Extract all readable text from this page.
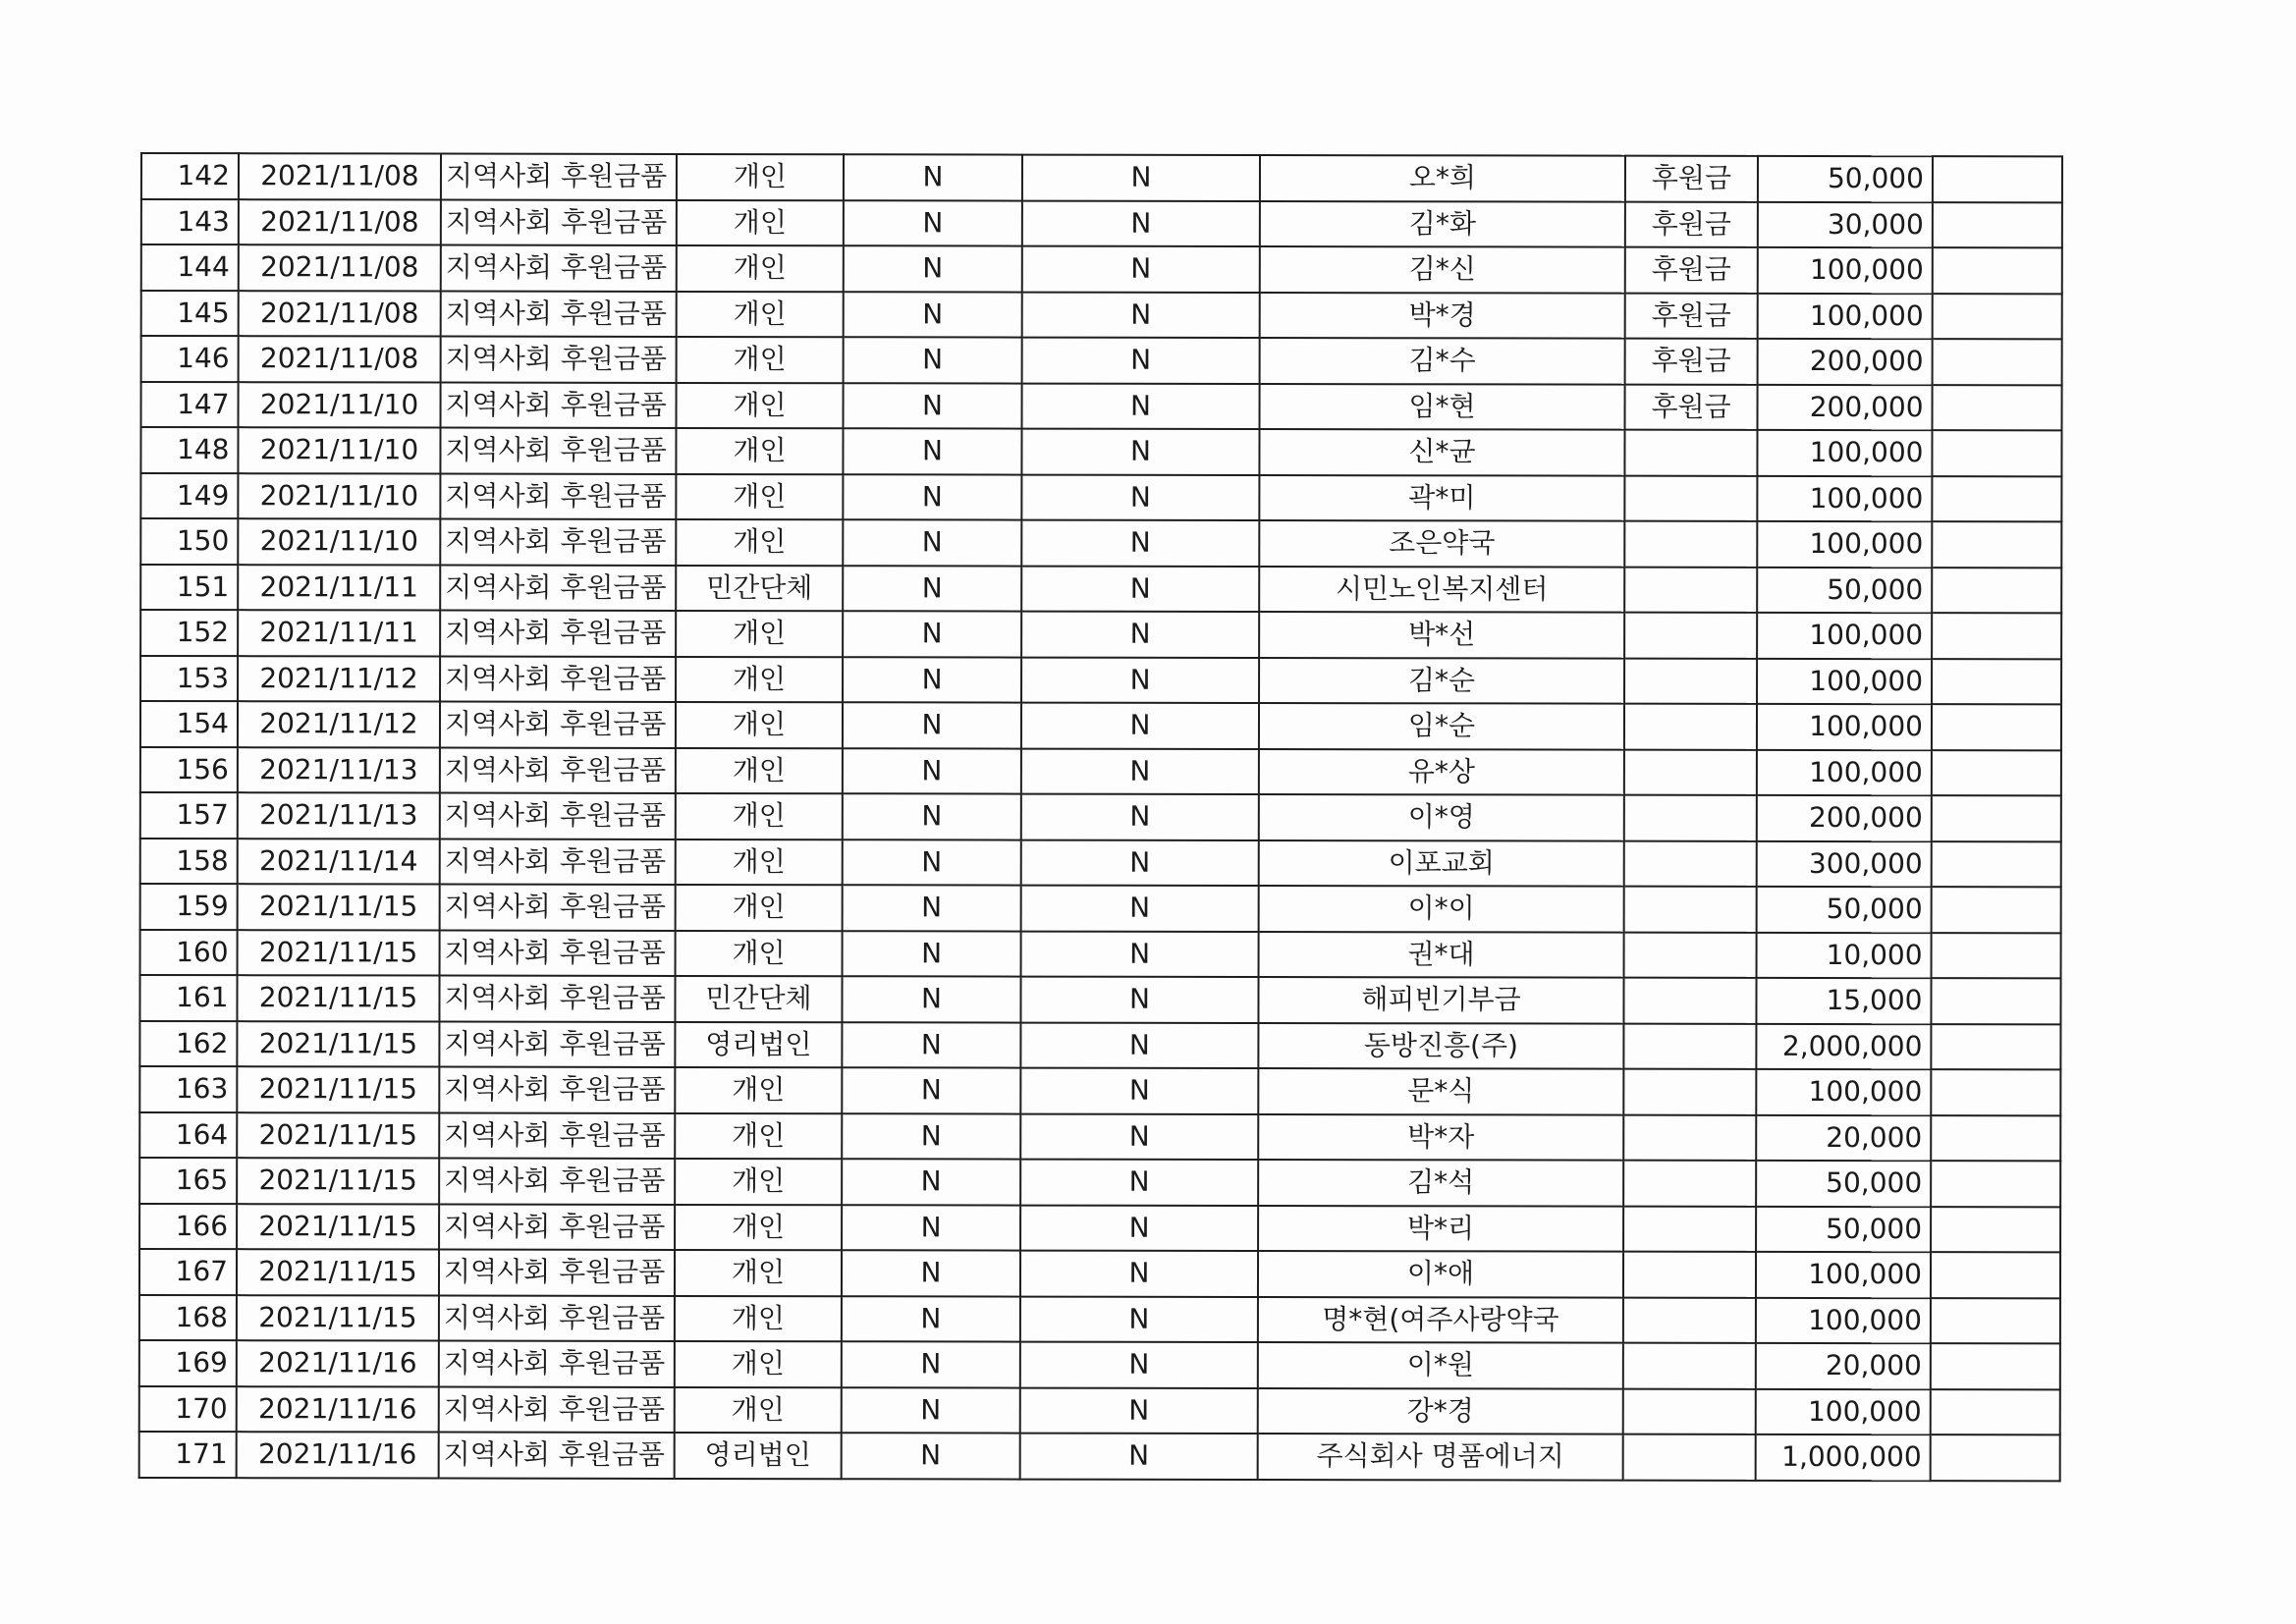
142	2021/11/08	지역사회 후원금품	개인	N	N	오*희	후원금	50,000	
143	2021/11/08	지역사회 후원금품	개인	N	N	김*화	후원금	30,000	
144	2021/11/08	지역사회 후원금품	개인	N	N	김*신	후원금	100,000	
145	2021/11/08	지역사회 후원금품	개인	N	N	박*경	후원금	100,000	
146	2021/11/08	지역사회 후원금품	개인	N	N	김*수	후원금	200,000	
147	2021/11/10	지역사회 후원금품	개인	N	N	임*현	후원금	200,000	
148	2021/11/10	지역사회 후원금품	개인	N	N	신*균		100,000	
149	2021/11/10	지역사회 후원금품	개인	N	N	곽*미		100,000	
150	2021/11/10	지역사회 후원금품	개인	N	N	조은약국		100,000	
151	2021/11/11	지역사회 후원금품	민간단체	N	N	시민노인복지센터		50,000	
152	2021/11/11	지역사회 후원금품	개인	N	N	박*선		100,000	
153	2021/11/12	지역사회 후원금품	개인	N	N	김*순		100,000	
154	2021/11/12	지역사회 후원금품	개인	N	N	임*순		100,000	
156	2021/11/13	지역사회 후원금품	개인	N	N	유*상		100,000	
157	2021/11/13	지역사회 후원금품	개인	N	N	이*영		200,000	
158	2021/11/14	지역사회 후원금품	개인	N	N	이포교회		300,000	
159	2021/11/15	지역사회 후원금품	개인	N	N	이*이		50,000	
160	2021/11/15	지역사회 후원금품	개인	N	N	권*대		10,000	
161	2021/11/15	지역사회 후원금품	민간단체	N	N	해피빈기부금		15,000	
162	2021/11/15	지역사회 후원금품	영리법인	N	N	동방진흥(주)		2,000,000	
163	2021/11/15	지역사회 후원금품	개인	N	N	문*식		100,000	
164	2021/11/15	지역사회 후원금품	개인	N	N	박*자		20,000	
165	2021/11/15	지역사회 후원금품	개인	N	N	김*석		50,000	
166	2021/11/15	지역사회 후원금품	개인	N	N	박*리		50,000	
167	2021/11/15	지역사회 후원금품	개인	N	N	이*애		100,000	
168	2021/11/15	지역사회 후원금품	개인	N	N	명*현(여주사랑약국		100,000	
169	2021/11/16	지역사회 후원금품	개인	N	N	이*원		20,000	
170	2021/11/16	지역사회 후원금품	개인	N	N	강*경		100,000	
171	2021/11/16	지역사회 후원금품	영리법인	N	N	주식회사 명품에너지		1,000,000	
